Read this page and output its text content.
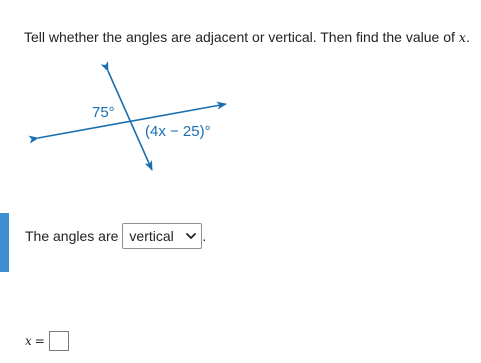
Tell whether the angles are adjacent or vertical. Then find the value of x.
75°
(4x − 25)°
The angles are vertical	.
x =
